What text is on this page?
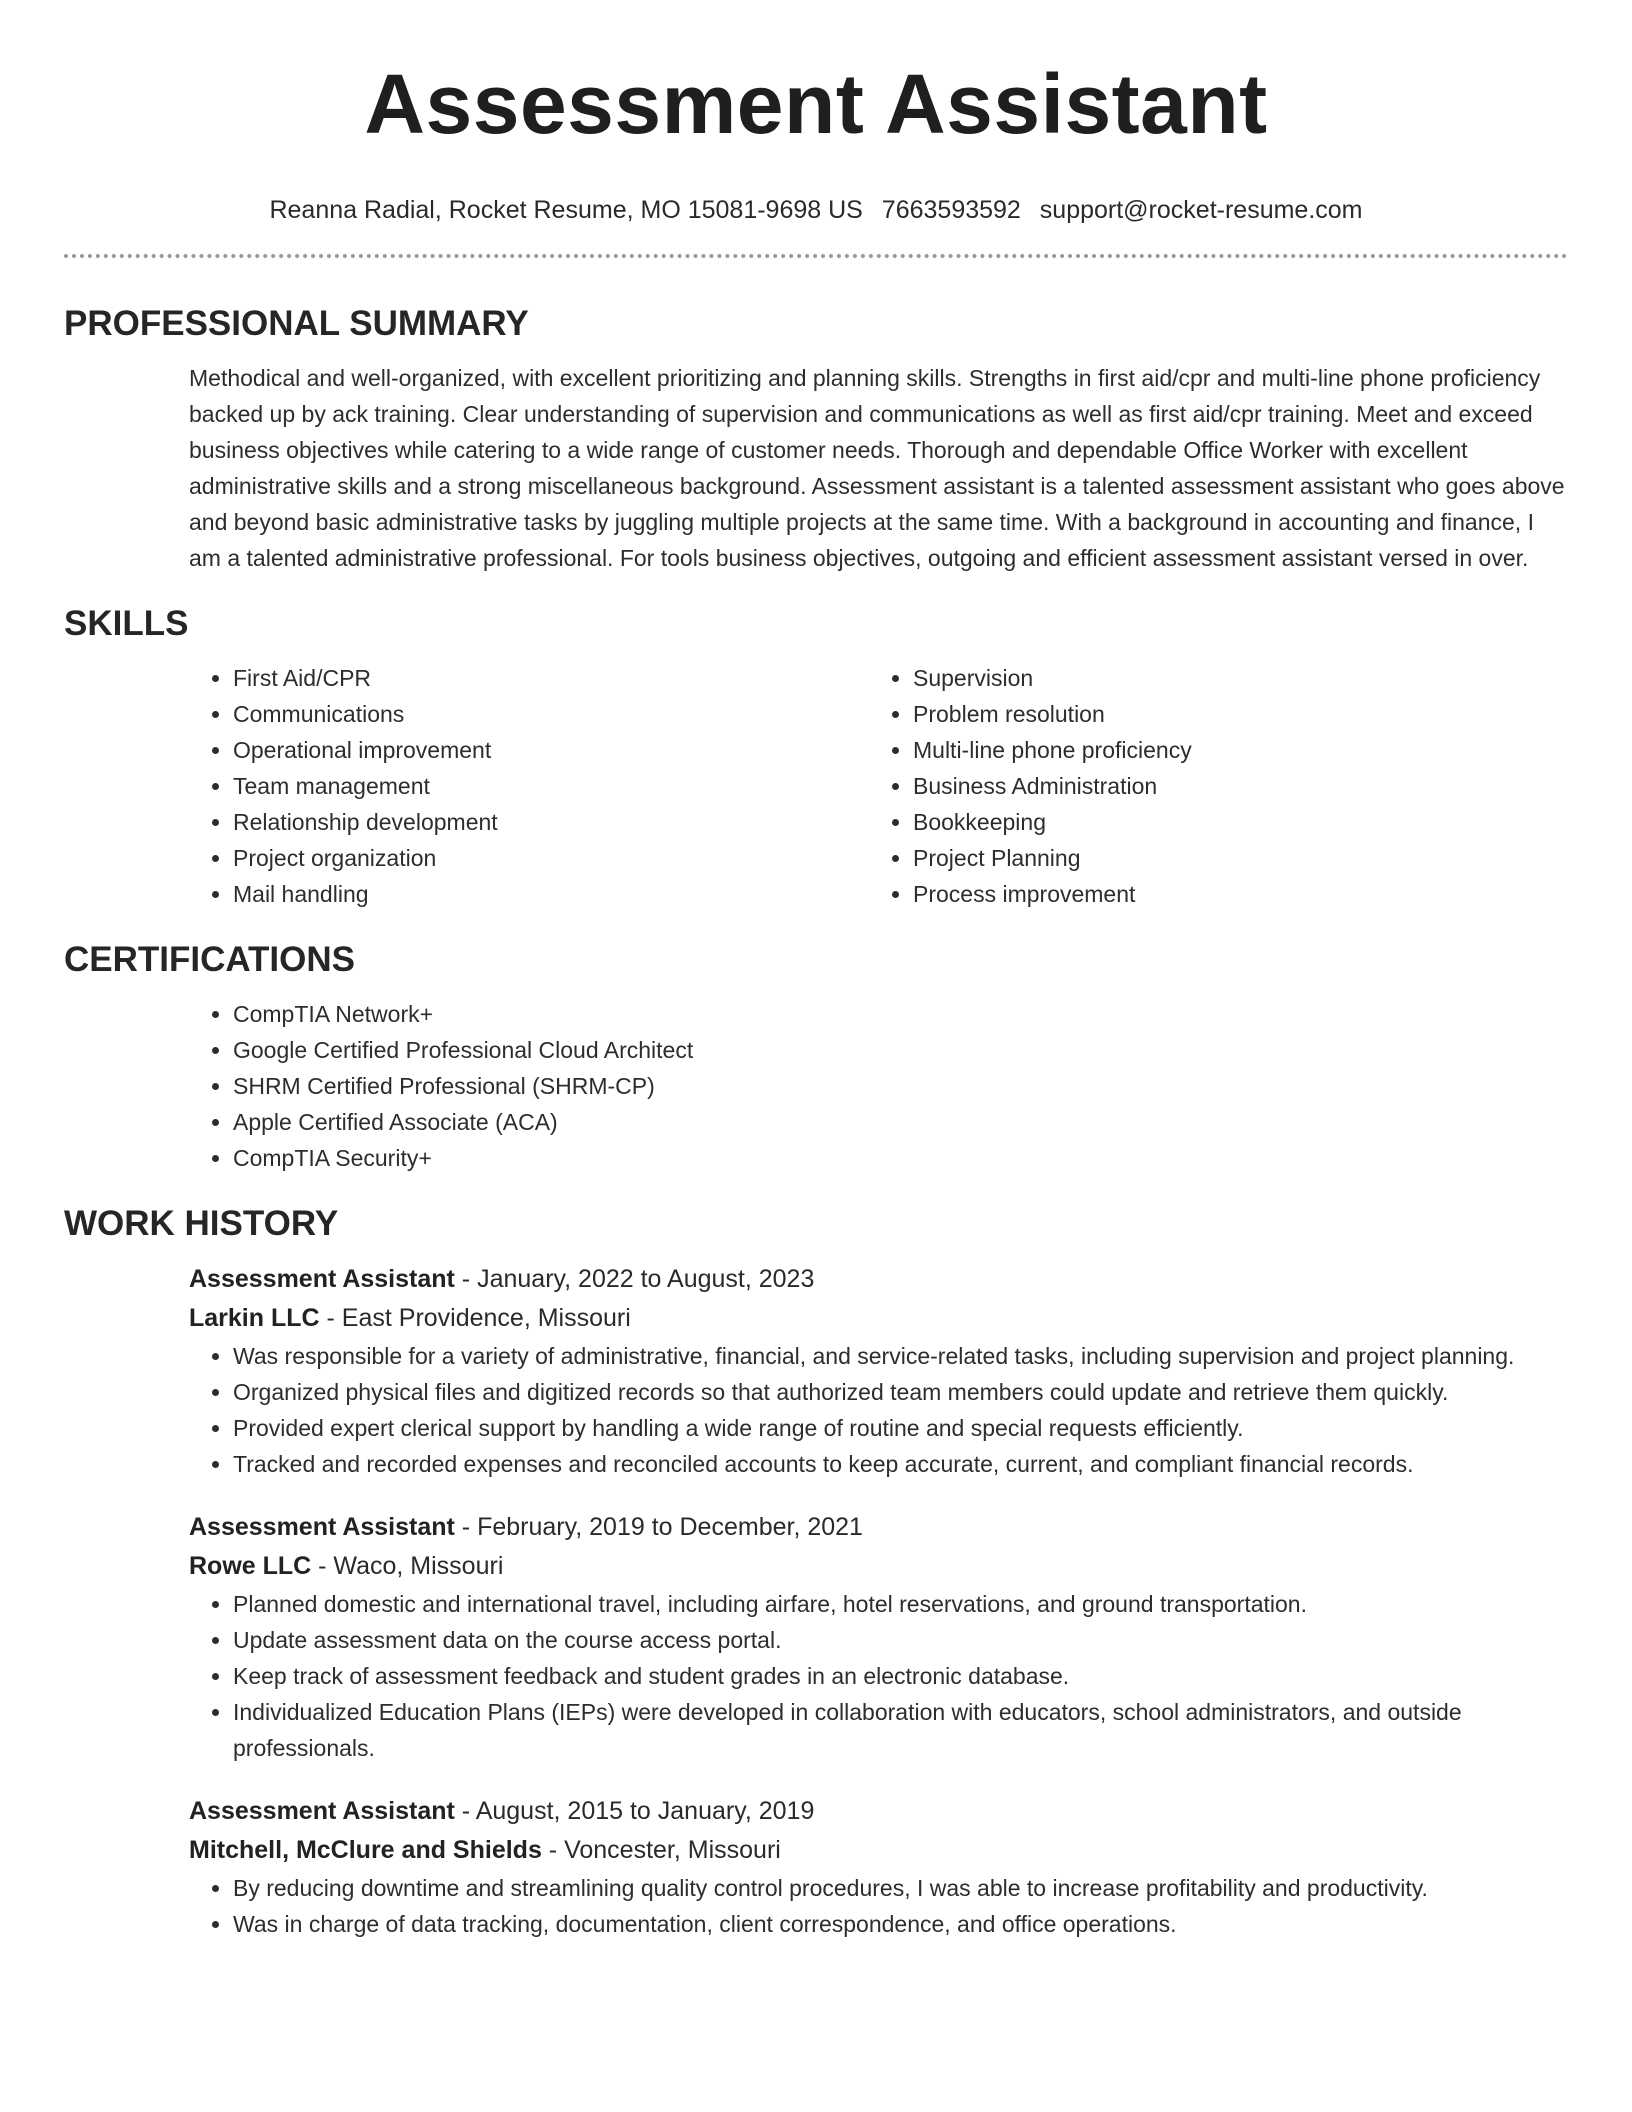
Assessment Assistant
Reanna Radial, Rocket Resume, MO 15081-9698 US 7663593592 support@rocket-resume.com
PROFESSIONAL SUMMARY
Methodical and well-organized, with excellent prioritizing and planning skills. Strengths in first aid/cpr and multi-line phone proficiency backed up by ack training. Clear understanding of supervision and communications as well as first aid/cpr training. Meet and exceed business objectives while catering to a wide range of customer needs. Thorough and dependable Office Worker with excellent administrative skills and a strong miscellaneous background. Assessment assistant is a talented assessment assistant who goes above and beyond basic administrative tasks by juggling multiple projects at the same time. With a background in accounting and finance, I am a talented administrative professional. For tools business objectives, outgoing and efficient assessment assistant versed in over.
SKILLS
• First Aid/CPR
• Communications
• Operational improvement
• Team management
• Relationship development
• Project organization
• Mail handling
• Supervision
• Problem resolution
• Multi-line phone proficiency
• Business Administration
• Bookkeeping
• Project Planning
• Process improvement
CERTIFICATIONS
• CompTIA Network+
• Google Certified Professional Cloud Architect
• SHRM Certified Professional (SHRM-CP)
• Apple Certified Associate (ACA)
• CompTIA Security+
WORK HISTORY
Assessment Assistant - January, 2022 to August, 2023
Larkin LLC - East Providence, Missouri
• Was responsible for a variety of administrative, financial, and service-related tasks, including supervision and project planning.
• Organized physical files and digitized records so that authorized team members could update and retrieve them quickly.
• Provided expert clerical support by handling a wide range of routine and special requests efficiently.
• Tracked and recorded expenses and reconciled accounts to keep accurate, current, and compliant financial records.
Assessment Assistant - February, 2019 to December, 2021
Rowe LLC - Waco, Missouri
• Planned domestic and international travel, including airfare, hotel reservations, and ground transportation.
• Update assessment data on the course access portal.
• Keep track of assessment feedback and student grades in an electronic database.
• Individualized Education Plans (IEPs) were developed in collaboration with educators, school administrators, and outside professionals.
Assessment Assistant - August, 2015 to January, 2019
Mitchell, McClure and Shields - Voncester, Missouri
• By reducing downtime and streamlining quality control procedures, I was able to increase profitability and productivity.
• Was in charge of data tracking, documentation, client correspondence, and office operations.
